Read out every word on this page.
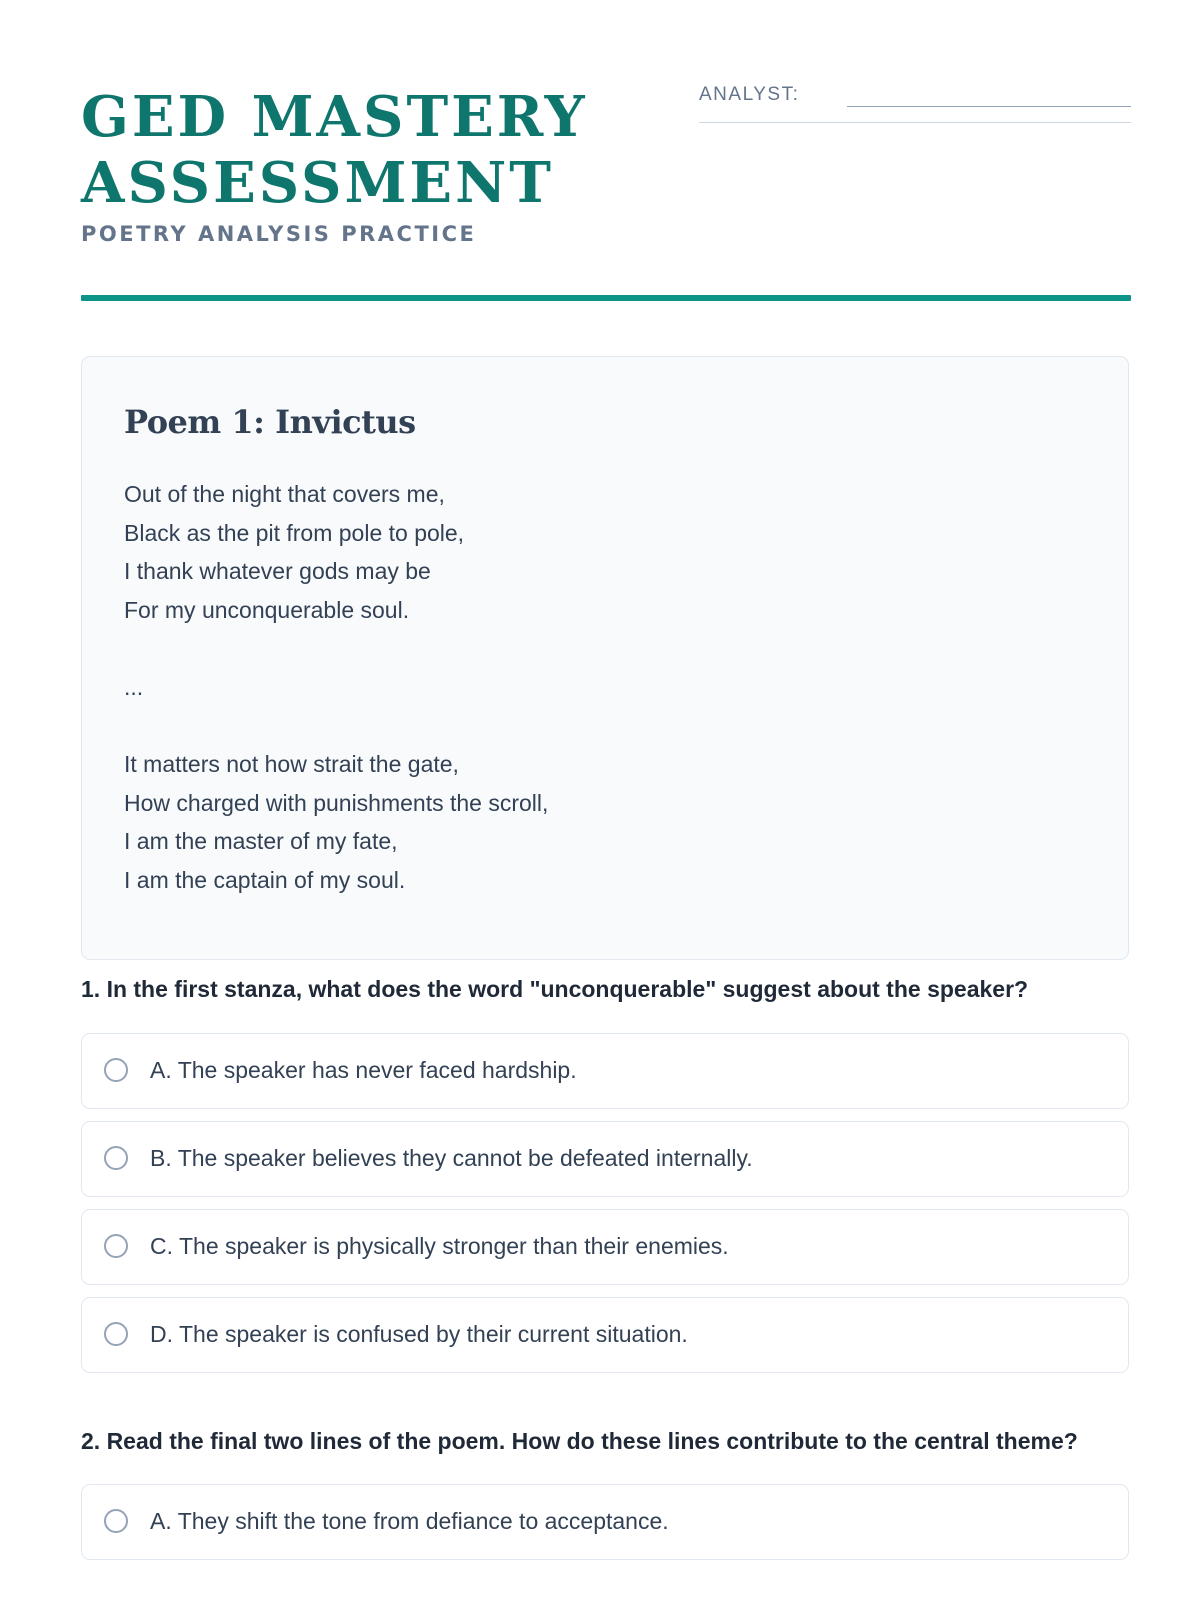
GED MASTERY
ASSESSMENT
POETRY ANALYSIS PRACTICE
ANALYST:
Poem 1: Invictus
Out of the night that covers me,
Black as the pit from pole to pole,
I thank whatever gods may be
For my unconquerable soul.
...
It matters not how strait the gate,
How charged with punishments the scroll,
I am the master of my fate,
I am the captain of my soul.
1. In the first stanza, what does the word "unconquerable" suggest about the speaker?
A. The speaker has never faced hardship.
B. The speaker believes they cannot be defeated internally.
C. The speaker is physically stronger than their enemies.
D. The speaker is confused by their current situation.
2. Read the final two lines of the poem. How do these lines contribute to the central theme?
A. They shift the tone from defiance to acceptance.
